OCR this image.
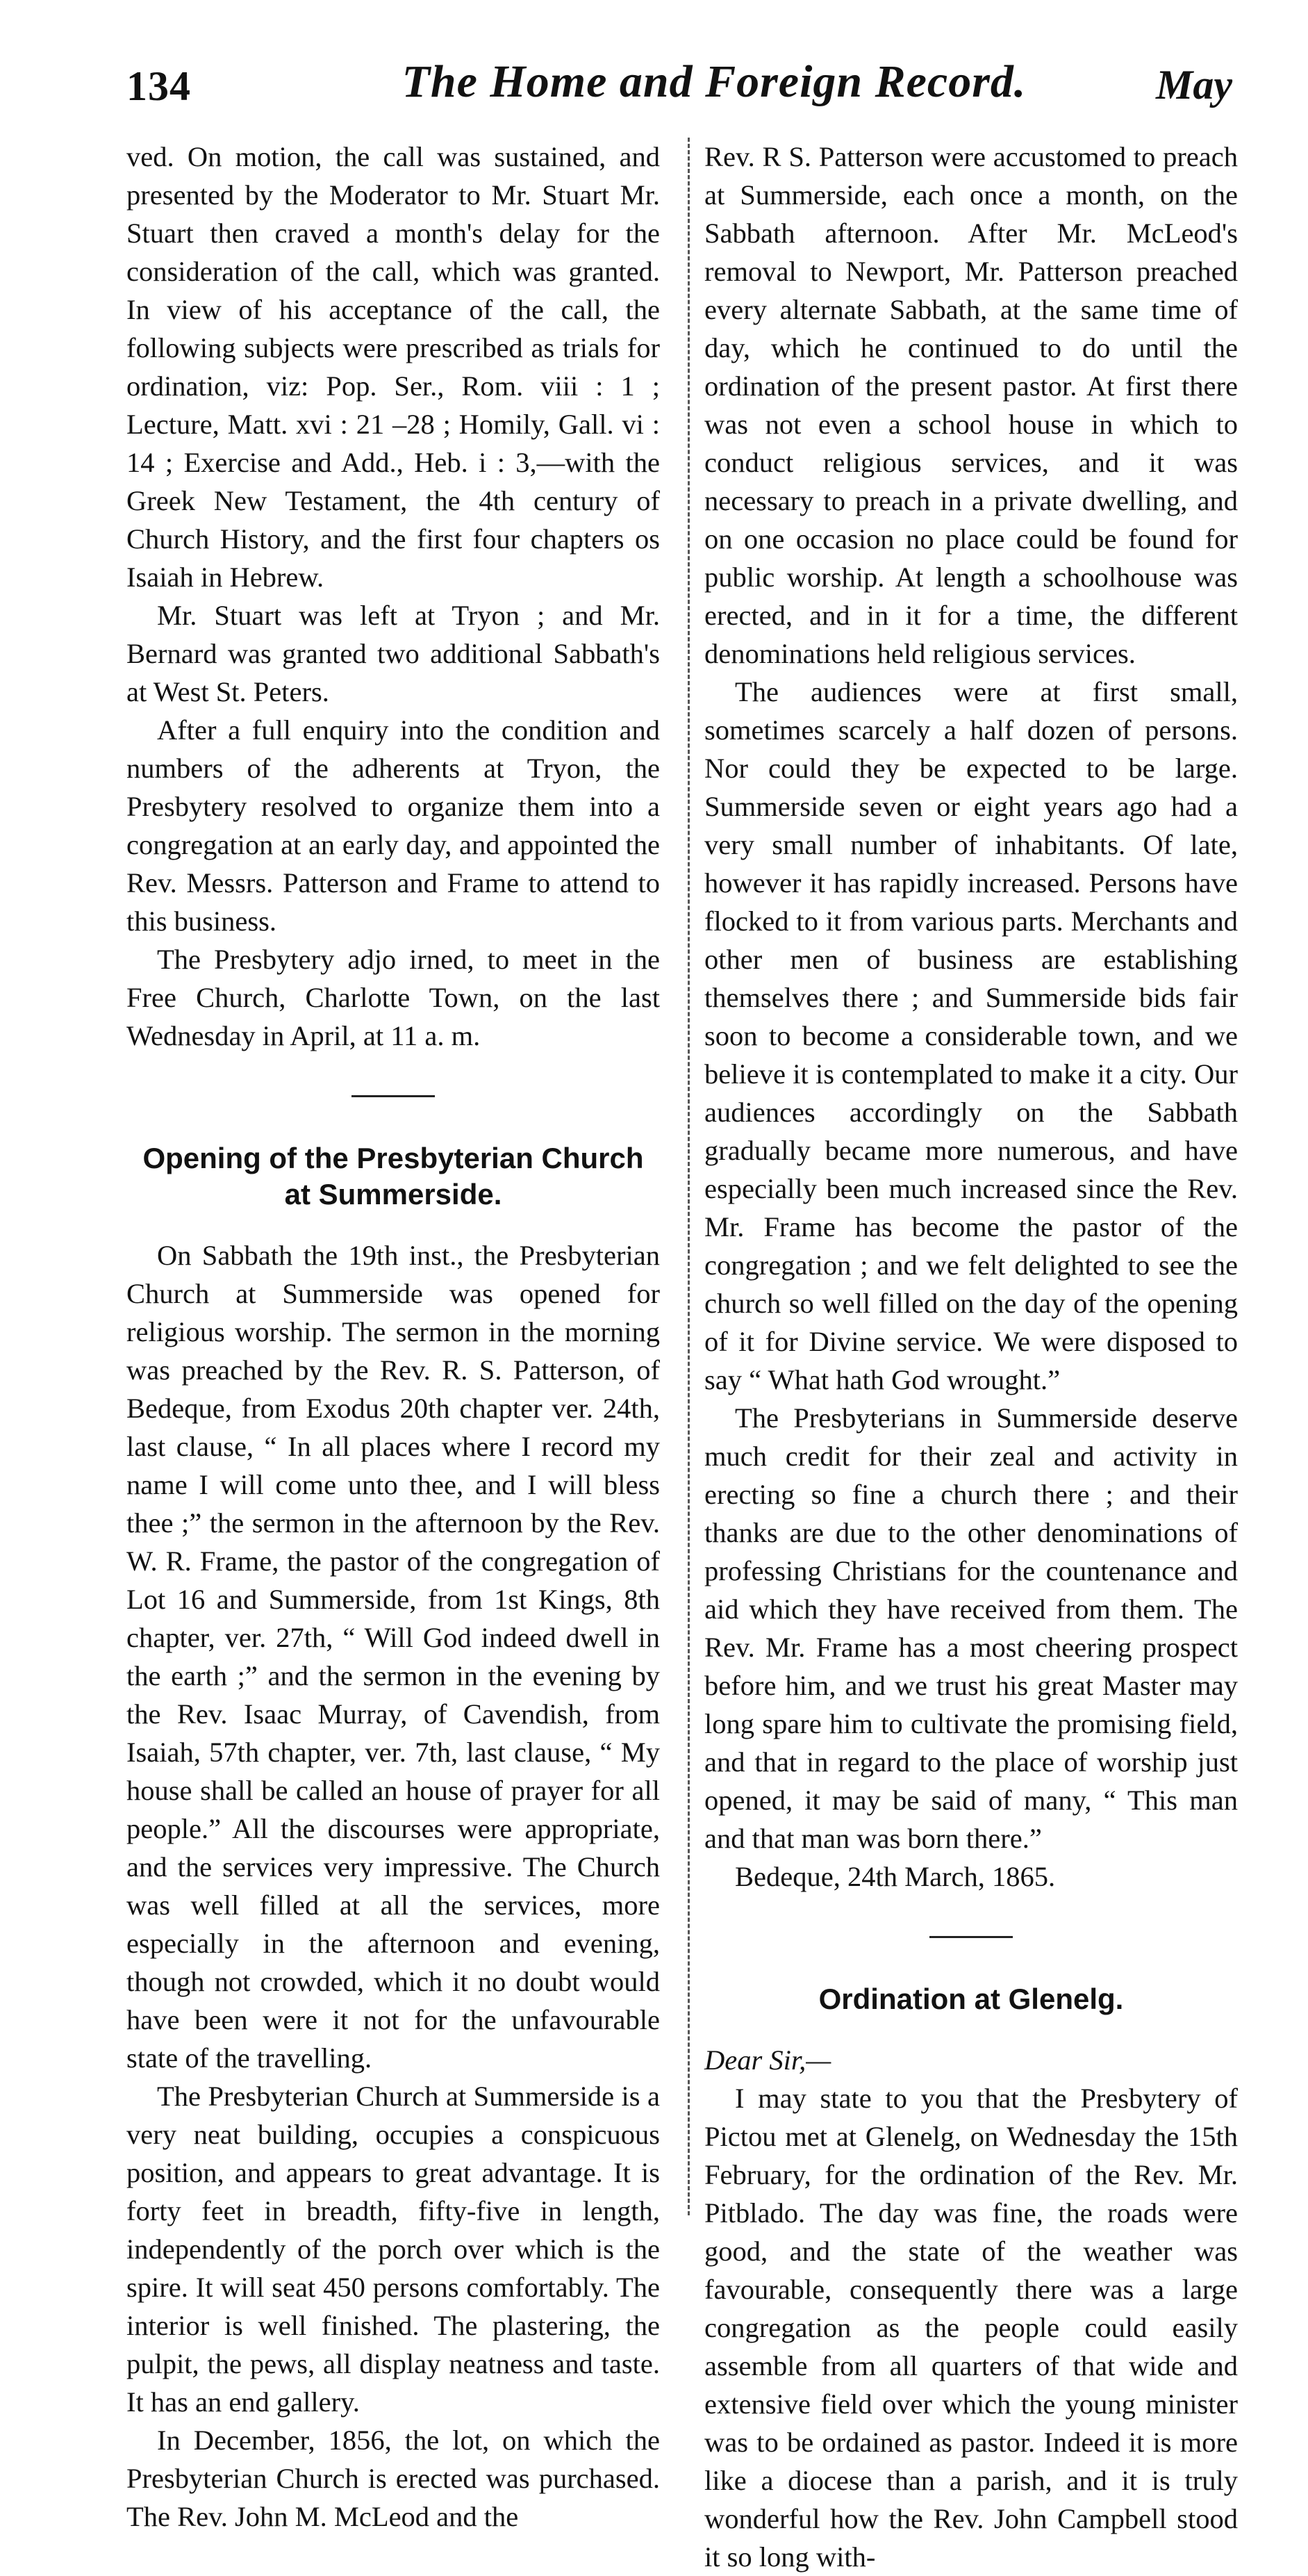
134	The Home and Foreign Record.	May

ved. On motion, the call was sustained, and presented by the Moderator to Mr. Stuart Mr. Stuart then craved a month's delay for the consideration of the call, which was granted. In view of his acceptance of the call, the following subjects were prescribed as trials for ordination, viz: Pop. Ser., Rom. viii : 1 ; Lecture, Matt. xvi : 21 –28 ; Homily, Gall. vi : 14 ; Exercise and Add., Heb. i : 3,—with the Greek New Testament, the 4th century of Church History, and the first four chapters os Isaiah in Hebrew.

Mr. Stuart was left at Tryon ; and Mr. Bernard was granted two additional Sabbath's at West St. Peters.

After a full enquiry into the condition and numbers of the adherents at Tryon, the Presbytery resolved to organize them into a congregation at an early day, and appointed the Rev. Messrs. Patterson and Frame to attend to this business.

The Presbytery adjo irned, to meet in the Free Church, Charlotte Town, on the last Wednesday in April, at 11 a. m.

Opening of the Presbyterian Church at Summerside.

On Sabbath the 19th inst., the Presbyterian Church at Summerside was opened for religious worship. The sermon in the morning was preached by the Rev. R. S. Patterson, of Bedeque, from Exodus 20th chapter ver. 24th, last clause, “ In all places where I record my name I will come unto thee, and I will bless thee ;” the sermon in the afternoon by the Rev. W. R. Frame, the pastor of the congregation of Lot 16 and Summerside, from 1st Kings, 8th chapter, ver. 27th, “ Will God indeed dwell in the earth ;” and the sermon in the evening by the Rev. Isaac Murray, of Cavendish, from Isaiah, 57th chapter, ver. 7th, last clause, “ My house shall be called an house of prayer for all people.” All the discourses were appropriate, and the services very impressive. The Church was well filled at all the services, more especially in the afternoon and evening, though not crowded, which it no doubt would have been were it not for the unfavourable state of the travelling.

The Presbyterian Church at Summerside is a very neat building, occupies a conspicuous position, and appears to great advantage. It is forty feet in breadth, fifty-five in length, independently of the porch over which is the spire. It will seat 450 persons comfortably. The interior is well finished. The plastering, the pulpit, the pews, all display neatness and taste. It has an end gallery.

In December, 1856, the lot, on which the Presbyterian Church is erected was purchased. The Rev. John M. McLeod and the

Rev. R S. Patterson were accustomed to preach at Summerside, each once a month, on the Sabbath afternoon. After Mr. McLeod's removal to Newport, Mr. Patterson preached every alternate Sabbath, at the same time of day, which he continued to do until the ordination of the present pastor. At first there was not even a school house in which to conduct religious services, and it was necessary to preach in a private dwelling, and on one occasion no place could be found for public worship. At length a schoolhouse was erected, and in it for a time, the different denominations held religious services.

The audiences were at first small, sometimes scarcely a half dozen of persons. Nor could they be expected to be large. Summerside seven or eight years ago had a very small number of inhabitants. Of late, however it has rapidly increased. Persons have flocked to it from various parts. Merchants and other men of business are establishing themselves there ; and Summerside bids fair soon to become a considerable town, and we believe it is contemplated to make it a city. Our audiences accordingly on the Sabbath gradually became more numerous, and have especially been much increased since the Rev. Mr. Frame has become the pastor of the congregation ; and we felt delighted to see the church so well filled on the day of the opening of it for Divine service. We were disposed to say “ What hath God wrought.”

The Presbyterians in Summerside deserve much credit for their zeal and activity in erecting so fine a church there ; and their thanks are due to the other denominations of professing Christians for the countenance and aid which they have received from them. The Rev. Mr. Frame has a most cheering prospect before him, and we trust his great Master may long spare him to cultivate the promising field, and that in regard to the place of worship just opened, it may be said of many, “ This man and that man was born there.”

Bedeque, 24th March, 1865.

Ordination at Glenelg.

Dear Sir,—

I may state to you that the Presbytery of Pictou met at Glenelg, on Wednesday the 15th February, for the ordination of the Rev. Mr. Pitblado. The day was fine, the roads were good, and the state of the weather was favourable, consequently there was a large congregation as the people could easily assemble from all quarters of that wide and extensive field over which the young minister was to be ordained as pastor. Indeed it is more like a diocese than a parish, and it is truly wonderful how the Rev. John Campbell stood it so long with-
